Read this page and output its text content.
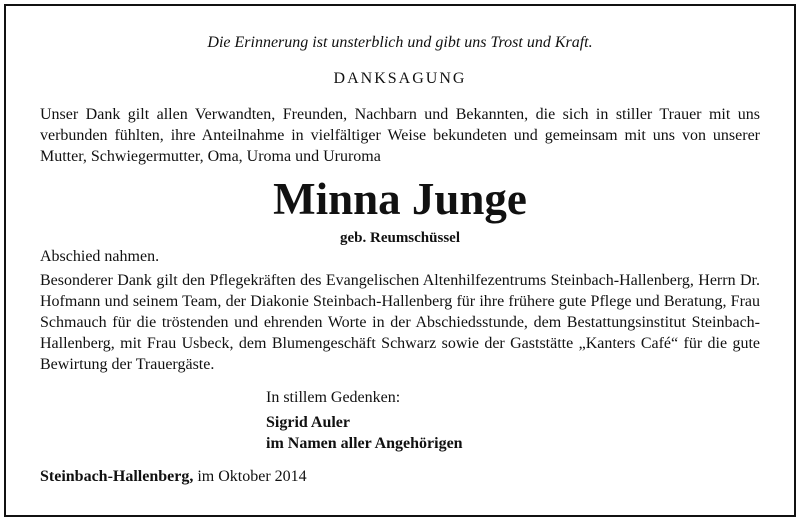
Die Erinnerung ist unsterblich und gibt uns Trost und Kraft.

DANKSAGUNG

Unser Dank gilt allen Verwandten, Freunden, Nachbarn und Bekannten, die sich in stiller Trauer mit uns verbunden fühlten, ihre Anteilnahme in vielfältiger Weise bekundeten und gemeinsam mit uns von unserer Mutter, Schwiegermutter, Oma, Uroma und Ururoma

Minna Junge

geb. Reumschüssel

Abschied nahmen.

Besonderer Dank gilt den Pflegekräften des Evangelischen Altenhilfezentrums Steinbach-Hallenberg, Herrn Dr. Hofmann und seinem Team, der Diakonie Steinbach-Hallenberg für ihre frühere gute Pflege und Beratung, Frau Schmauch für die tröstenden und ehrenden Worte in der Abschiedsstunde, dem Bestattungsinstitut Steinbach-Hallenberg, mit Frau Usbeck, dem Blumengeschäft Schwarz sowie der Gaststätte „Kanters Café“ für die gute Bewirtung der Trauergäste.

In stillem Gedenken:

Sigrid Auler

im Namen aller Angehörigen

Steinbach-Hallenberg, im Oktober 2014
